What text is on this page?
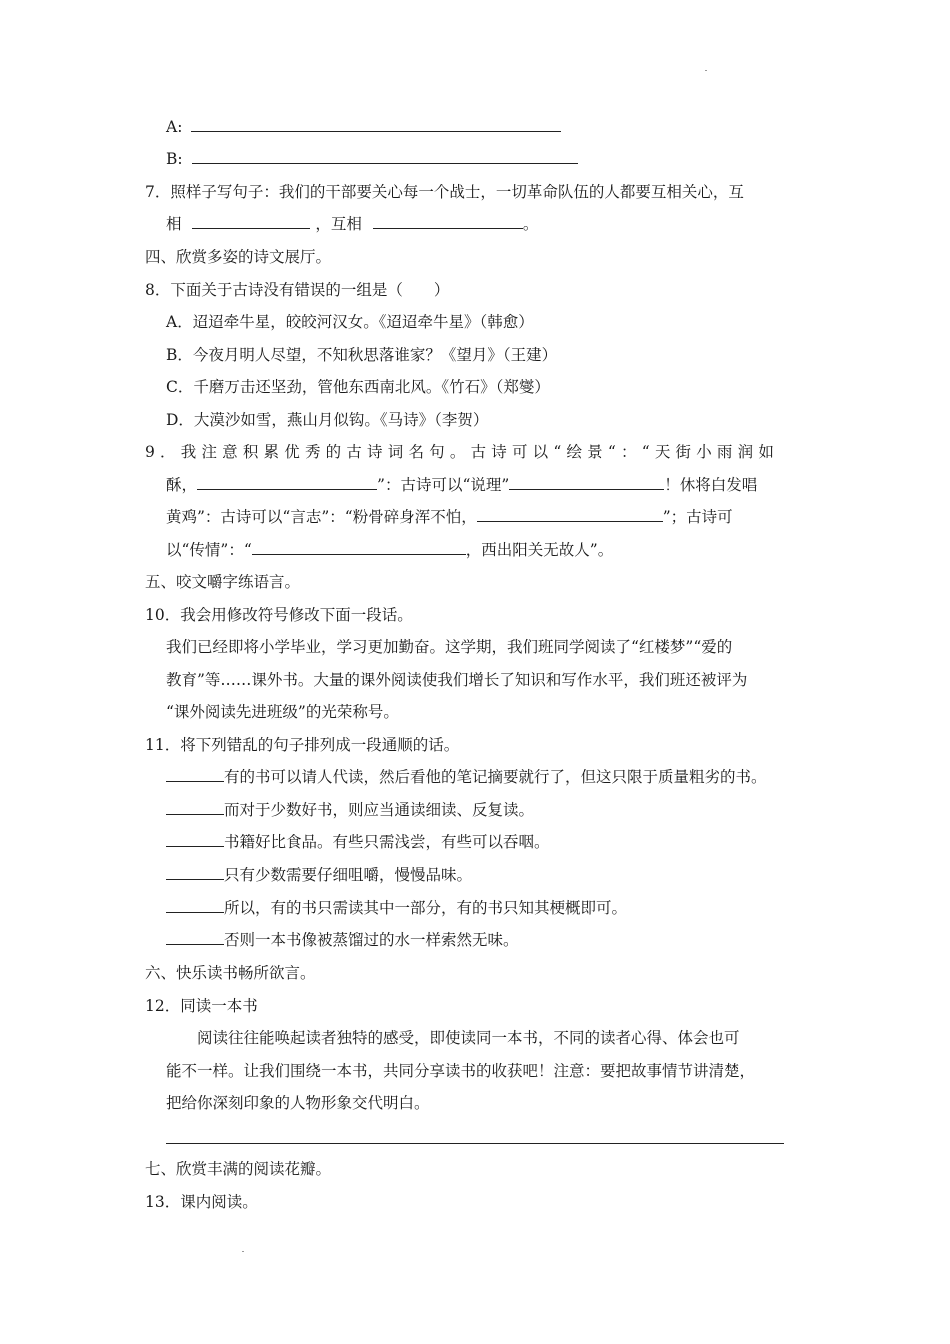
A:
B:
7．照样子写句子：我们的干部要关心每一个战士，一切革命队伍的人都要互相关心，互
相	，互相	。
四、欣赏多姿的诗文展厅。
8．下面关于古诗没有错误的一组是（　　）
A．迢迢牵牛星，皎皎河汉女。《迢迢牵牛星》（韩愈）
B．今夜月明人尽望，不知秋思落谁家？《望月》（王建）
C．千磨万击还坚劲，管他东西南北风。《竹石》（郑燮）
D．大漠沙如雪，燕山月似钩。《马诗》（李贺）
9．我注意积累优秀的古诗词名句。古诗可以“绘景“：“天街小雨润如
酥，	”：古诗可以“说理”	！休将白发唱
黄鸡”：古诗可以“言志”：“粉骨碎身浑不怕，	”；古诗可
以“传情”：“	，西出阳关无故人”。
五、咬文嚼字练语言。
10．我会用修改符号修改下面一段话。
我们已经即将小学毕业，学习更加勤奋。这学期，我们班同学阅读了“红楼梦”“爱的
教育”等……课外书。大量的课外阅读使我们增长了知识和写作水平，我们班还被评为
“课外阅读先进班级”的光荣称号。
11．将下列错乱的句子排列成一段通顺的话。
有的书可以请人代读，然后看他的笔记摘要就行了，但这只限于质量粗劣的书。
而对于少数好书，则应当通读细读、反复读。
书籍好比食品。有些只需浅尝，有些可以吞咽。
只有少数需要仔细咀嚼，慢慢品味。
所以，有的书只需读其中一部分，有的书只知其梗概即可。
否则一本书像被蒸馏过的水一样索然无味。
六、快乐读书畅所欲言。
12．同读一本书
阅读往往能唤起读者独特的感受，即使读同一本书，不同的读者心得、体会也可
能不一样。让我们围绕一本书，共同分享读书的收获吧！注意：要把故事情节讲清楚，
把给你深刻印象的人物形象交代明白。
七、欣赏丰满的阅读花瓣。
13．课内阅读。
